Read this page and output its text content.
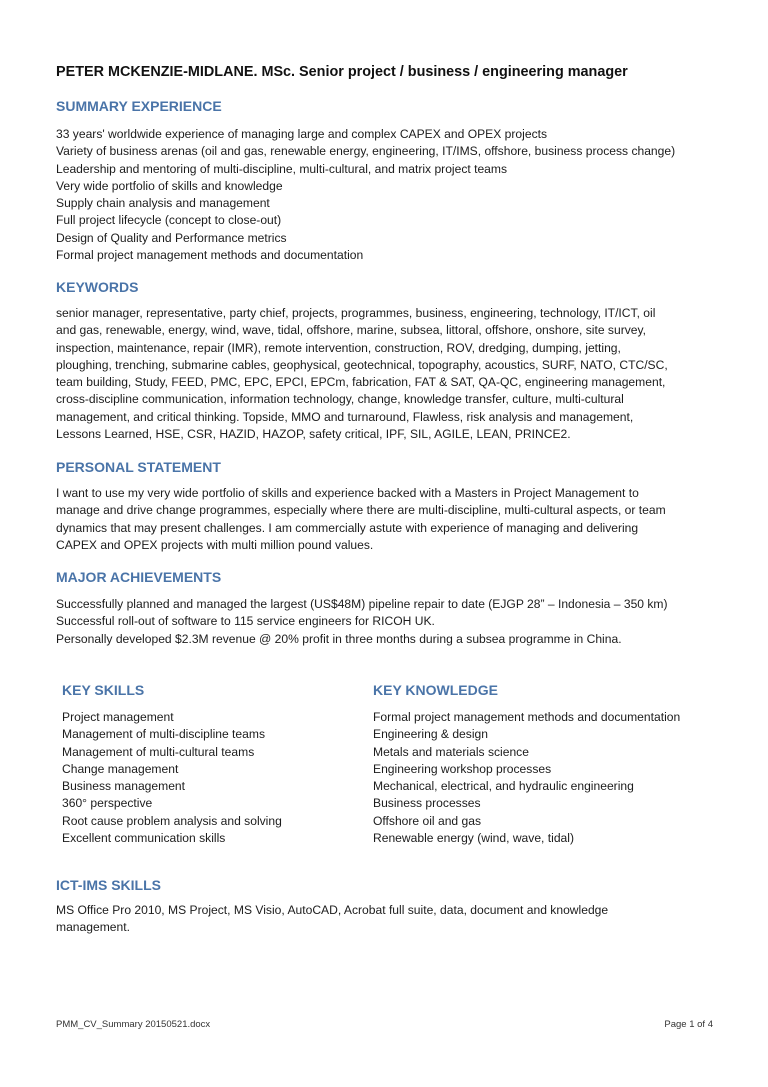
PETER MCKENZIE-MIDLANE. MSc. Senior project / business / engineering manager
SUMMARY EXPERIENCE
33 years' worldwide experience of managing large and complex CAPEX and OPEX projects
Variety of business arenas (oil and gas, renewable energy, engineering, IT/IMS, offshore, business process change)
Leadership and mentoring of multi-discipline, multi-cultural, and matrix project teams
Very wide portfolio of skills and knowledge
Supply chain analysis and management
Full project lifecycle (concept to close-out)
Design of Quality and Performance metrics
Formal project management methods and documentation
KEYWORDS
senior manager, representative, party chief, projects, programmes, business, engineering, technology, IT/ICT, oil
and gas, renewable, energy, wind, wave, tidal, offshore, marine, subsea, littoral, offshore, onshore, site survey,
inspection, maintenance, repair (IMR), remote intervention, construction, ROV, dredging, dumping, jetting,
ploughing, trenching, submarine cables, geophysical, geotechnical, topography, acoustics, SURF, NATO, CTC/SC,
team building, Study, FEED, PMC, EPC, EPCI, EPCm, fabrication, FAT & SAT, QA-QC, engineering management,
cross-discipline communication, information technology, change, knowledge transfer, culture, multi-cultural
management, and critical thinking. Topside, MMO and turnaround, Flawless, risk analysis and management,
Lessons Learned, HSE, CSR, HAZID, HAZOP, safety critical, IPF, SIL, AGILE, LEAN, PRINCE2.
PERSONAL STATEMENT
I want to use my very wide portfolio of skills and experience backed with a Masters in Project Management to
manage and drive change programmes, especially where there are multi-discipline, multi-cultural aspects, or team
dynamics that may present challenges. I am commercially astute with experience of managing and delivering
CAPEX and OPEX projects with multi million pound values.
MAJOR ACHIEVEMENTS
Successfully planned and managed the largest (US$48M) pipeline repair to date (EJGP 28” – Indonesia – 350 km)
Successful roll-out of software to 115 service engineers for RICOH UK.
Personally developed $2.3M revenue @ 20% profit in three months during a subsea programme in China.
KEY SKILLS
Project management
Management of multi-discipline teams
Management of multi-cultural teams
Change management
Business management
360° perspective
Root cause problem analysis and solving
Excellent communication skills
KEY KNOWLEDGE
Formal project management methods and documentation
Engineering & design
Metals and materials science
Engineering workshop processes
Mechanical, electrical, and hydraulic engineering
Business processes
Offshore oil and gas
Renewable energy (wind, wave, tidal)
ICT-IMS SKILLS
MS Office Pro 2010, MS Project, MS Visio, AutoCAD, Acrobat full suite, data, document and knowledge
management.
PMM_CV_Summary 20150521.docx	Page 1 of 4
